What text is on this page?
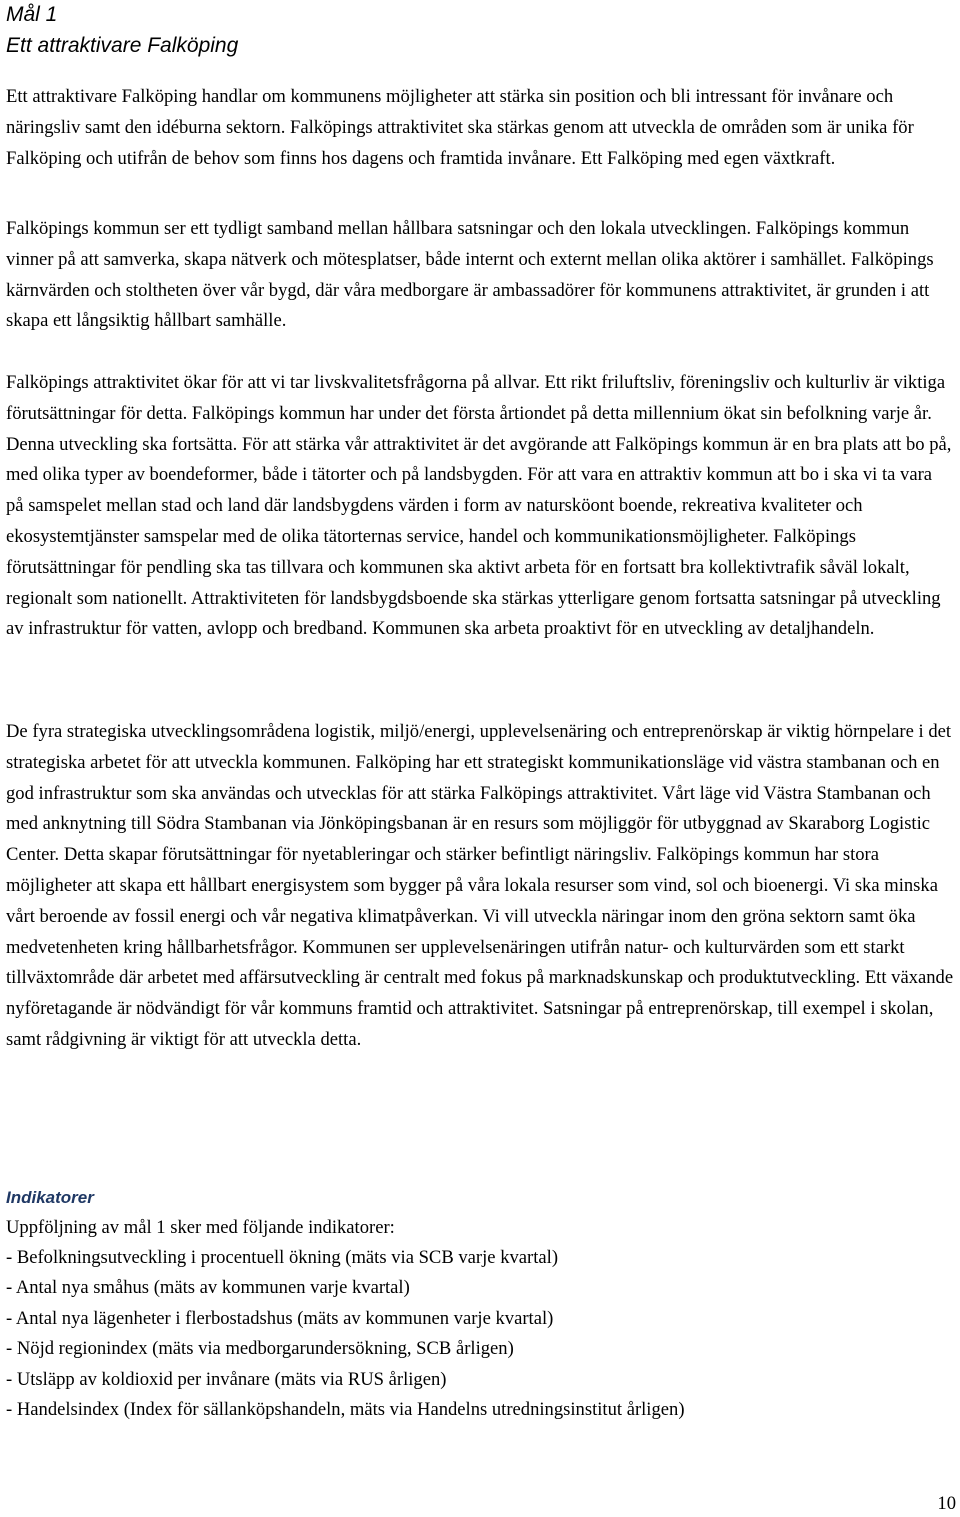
Mål 1
Ett attraktivare Falköping

Ett attraktivare Falköping handlar om kommunens möjligheter att stärka sin position och bli intressant för invånare och näringsliv samt den idéburna sektorn. Falköpings attraktivitet ska stärkas genom att utveckla de områden som är unika för Falköping och utifrån de behov som finns hos dagens och framtida invånare. Ett Falköping med egen växtkraft.

Falköpings kommun ser ett tydligt samband mellan hållbara satsningar och den lokala utvecklingen. Falköpings kommun vinner på att samverka, skapa nätverk och mötesplatser, både internt och externt mellan olika aktörer i samhället. Falköpings kärnvärden och stoltheten över vår bygd, där våra medborgare är ambassadörer för kommunens attraktivitet, är grunden i att skapa ett långsiktig hållbart samhälle.

Falköpings attraktivitet ökar för att vi tar livskvalitetsfrågorna på allvar. Ett rikt friluftsliv, föreningsliv och kulturliv är viktiga förutsättningar för detta. Falköpings kommun har under det första årtiondet på detta millennium ökat sin befolkning varje år. Denna utveckling ska fortsätta. För att stärka vår attraktivitet är det avgörande att Falköpings kommun är en bra plats att bo på, med olika typer av boendeformer, både i tätorter och på landsbygden. För att vara en attraktiv kommun att bo i ska vi ta vara på samspelet mellan stad och land där landsbygdens värden i form av natursköont boende, rekreativa kvaliteter och ekosystemtjänster samspelar med de olika tätorternas service, handel och kommunikationsmöjligheter. Falköpings förutsättningar för pendling ska tas tillvara och kommunen ska aktivt arbeta för en fortsatt bra kollektivtrafik såväl lokalt, regionalt som nationellt. Attraktiviteten för landsbygdsboende ska stärkas ytterligare genom fortsatta satsningar på utveckling av infrastruktur för vatten, avlopp och bredband. Kommunen ska arbeta proaktivt för en utveckling av detaljhandeln.

De fyra strategiska utvecklingsområdena logistik, miljö/energi, upplevelsenäring och entreprenörskap är viktig hörnpelare i det strategiska arbetet för att utveckla kommunen. Falköping har ett strategiskt kommunikationsläge vid västra stambanan och en god infrastruktur som ska användas och utvecklas för att stärka Falköpings attraktivitet. Vårt läge vid Västra Stambanan och med anknytning till Södra Stambanan via Jönköpingsbanan är en resurs som möjliggör för utbyggnad av Skaraborg Logistic Center. Detta skapar förutsättningar för nyetableringar och stärker befintligt näringsliv. Falköpings kommun har stora möjligheter att skapa ett hållbart energisystem som bygger på våra lokala resurser som vind, sol och bioenergi. Vi ska minska vårt beroende av fossil energi och vår negativa klimatpåverkan. Vi vill utveckla näringar inom den gröna sektorn samt öka medvetenheten kring hållbarhetsfrågor. Kommunen ser upplevelsenäringen utifrån natur- och kulturvärden som ett starkt tillväxtområde där arbetet med affärsutveckling är centralt med fokus på marknadskunskap och produktutveckling. Ett växande nyföretagande är nödvändigt för vår kommuns framtid och attraktivitet. Satsningar på entreprenörskap, till exempel i skolan, samt rådgivning är viktigt för att utveckla detta.

Indikatorer
Uppföljning av mål 1 sker med följande indikatorer:
- Befolkningsutveckling i procentuell ökning (mäts via SCB varje kvartal)
- Antal nya småhus (mäts av kommunen varje kvartal)
- Antal nya lägenheter i flerbostadshus (mäts av kommunen varje kvartal)
- Nöjd regionindex (mäts via medborgarundersökning, SCB årligen)
- Utsläpp av koldioxid per invånare (mäts via RUS årligen)
- Handelsindex (Index för sällanköpshandeln, mäts via Handelns utredningsinstitut årligen)
10
